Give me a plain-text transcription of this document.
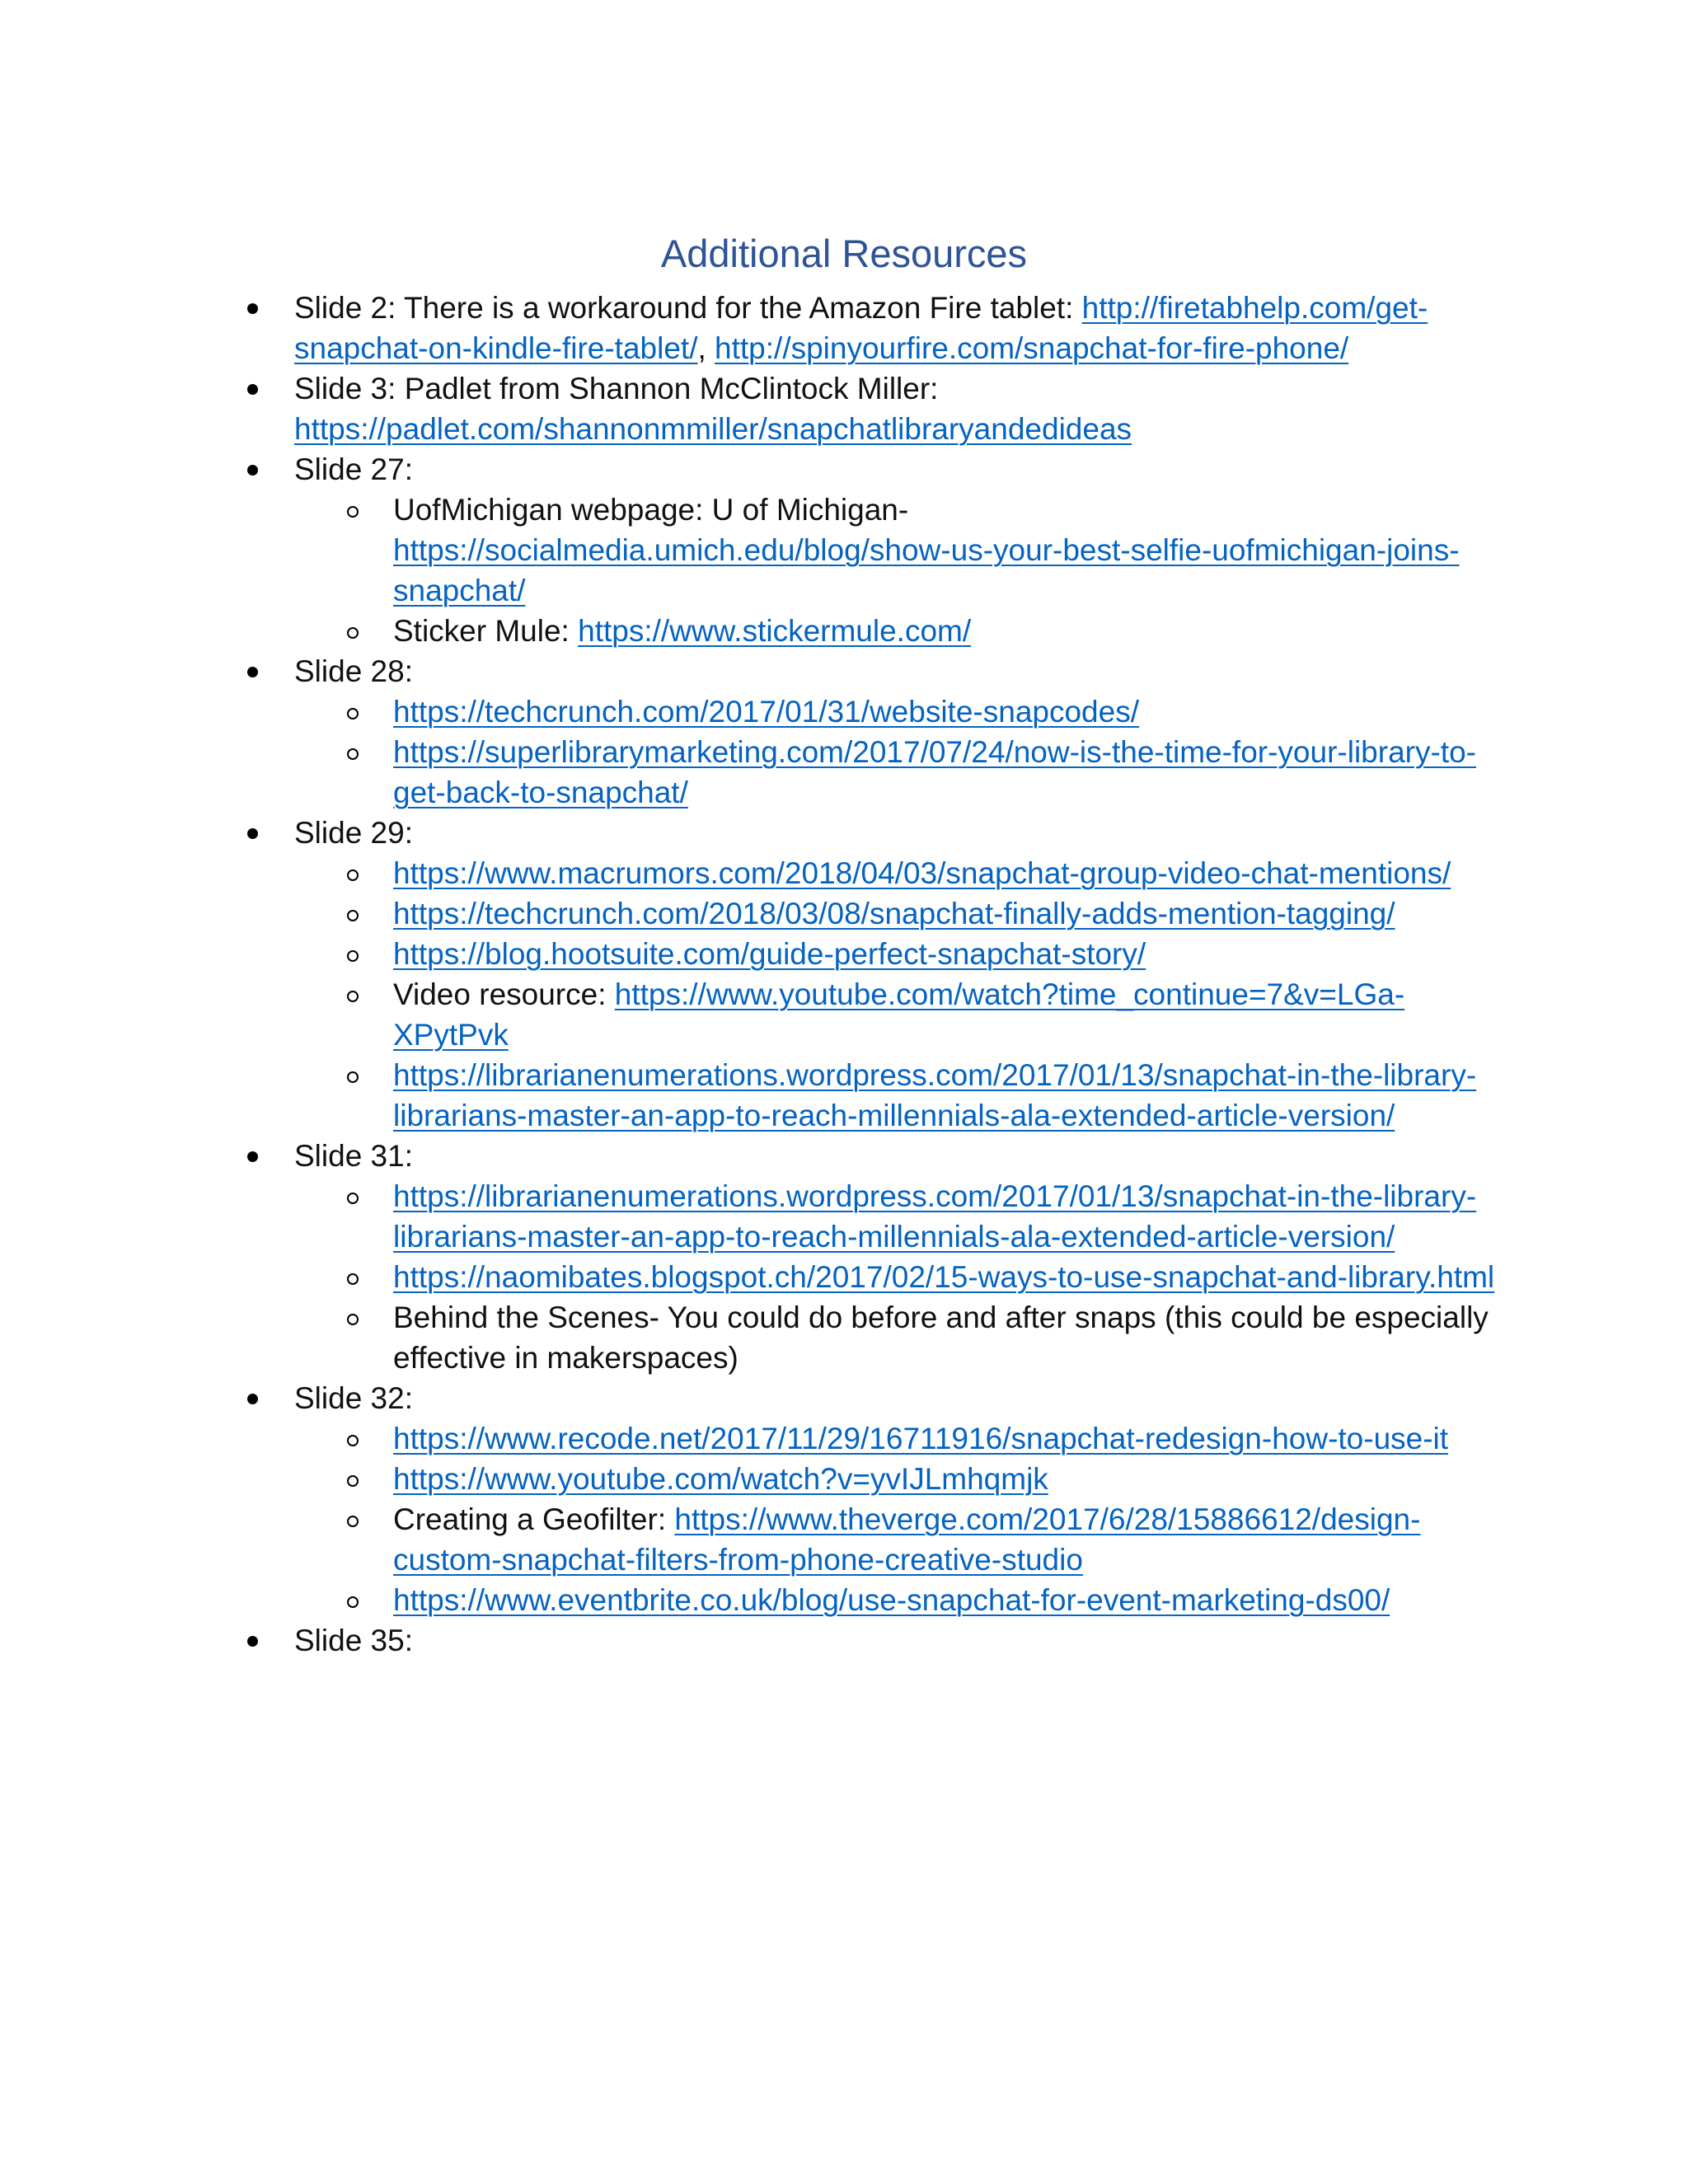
Additional Resources
Slide 2: There is a workaround for the Amazon Fire tablet: http://firetabhelp.com/get-snapchat-on-kindle-fire-tablet/, http://spinyourfire.com/snapchat-for-fire-phone/
Slide 3: Padlet from Shannon McClintock Miller:
https://padlet.com/shannonmmiller/snapchatlibraryandedideas
Slide 27:
UofMichigan webpage: U of Michigan-
https://socialmedia.umich.edu/blog/show-us-your-best-selfie-uofmichigan-joins-snapchat/
Sticker Mule: https://www.stickermule.com/
Slide 28:
https://techcrunch.com/2017/01/31/website-snapcodes/
https://superlibrarymarketing.com/2017/07/24/now-is-the-time-for-your-library-to-get-back-to-snapchat/
Slide 29:
https://www.macrumors.com/2018/04/03/snapchat-group-video-chat-mentions/
https://techcrunch.com/2018/03/08/snapchat-finally-adds-mention-tagging/
https://blog.hootsuite.com/guide-perfect-snapchat-story/
Video resource: https://www.youtube.com/watch?time_continue=7&v=LGa-XPytPvk
https://librarianenumerations.wordpress.com/2017/01/13/snapchat-in-the-library-librarians-master-an-app-to-reach-millennials-ala-extended-article-version/
Slide 31:
https://librarianenumerations.wordpress.com/2017/01/13/snapchat-in-the-library-librarians-master-an-app-to-reach-millennials-ala-extended-article-version/
https://naomibates.blogspot.ch/2017/02/15-ways-to-use-snapchat-and-library.html
Behind the Scenes- You could do before and after snaps (this could be especially effective in makerspaces)
Slide 32:
https://www.recode.net/2017/11/29/16711916/snapchat-redesign-how-to-use-it
https://www.youtube.com/watch?v=yvIJLmhqmjk
Creating a Geofilter: https://www.theverge.com/2017/6/28/15886612/design-custom-snapchat-filters-from-phone-creative-studio
https://www.eventbrite.co.uk/blog/use-snapchat-for-event-marketing-ds00/
Slide 35:
